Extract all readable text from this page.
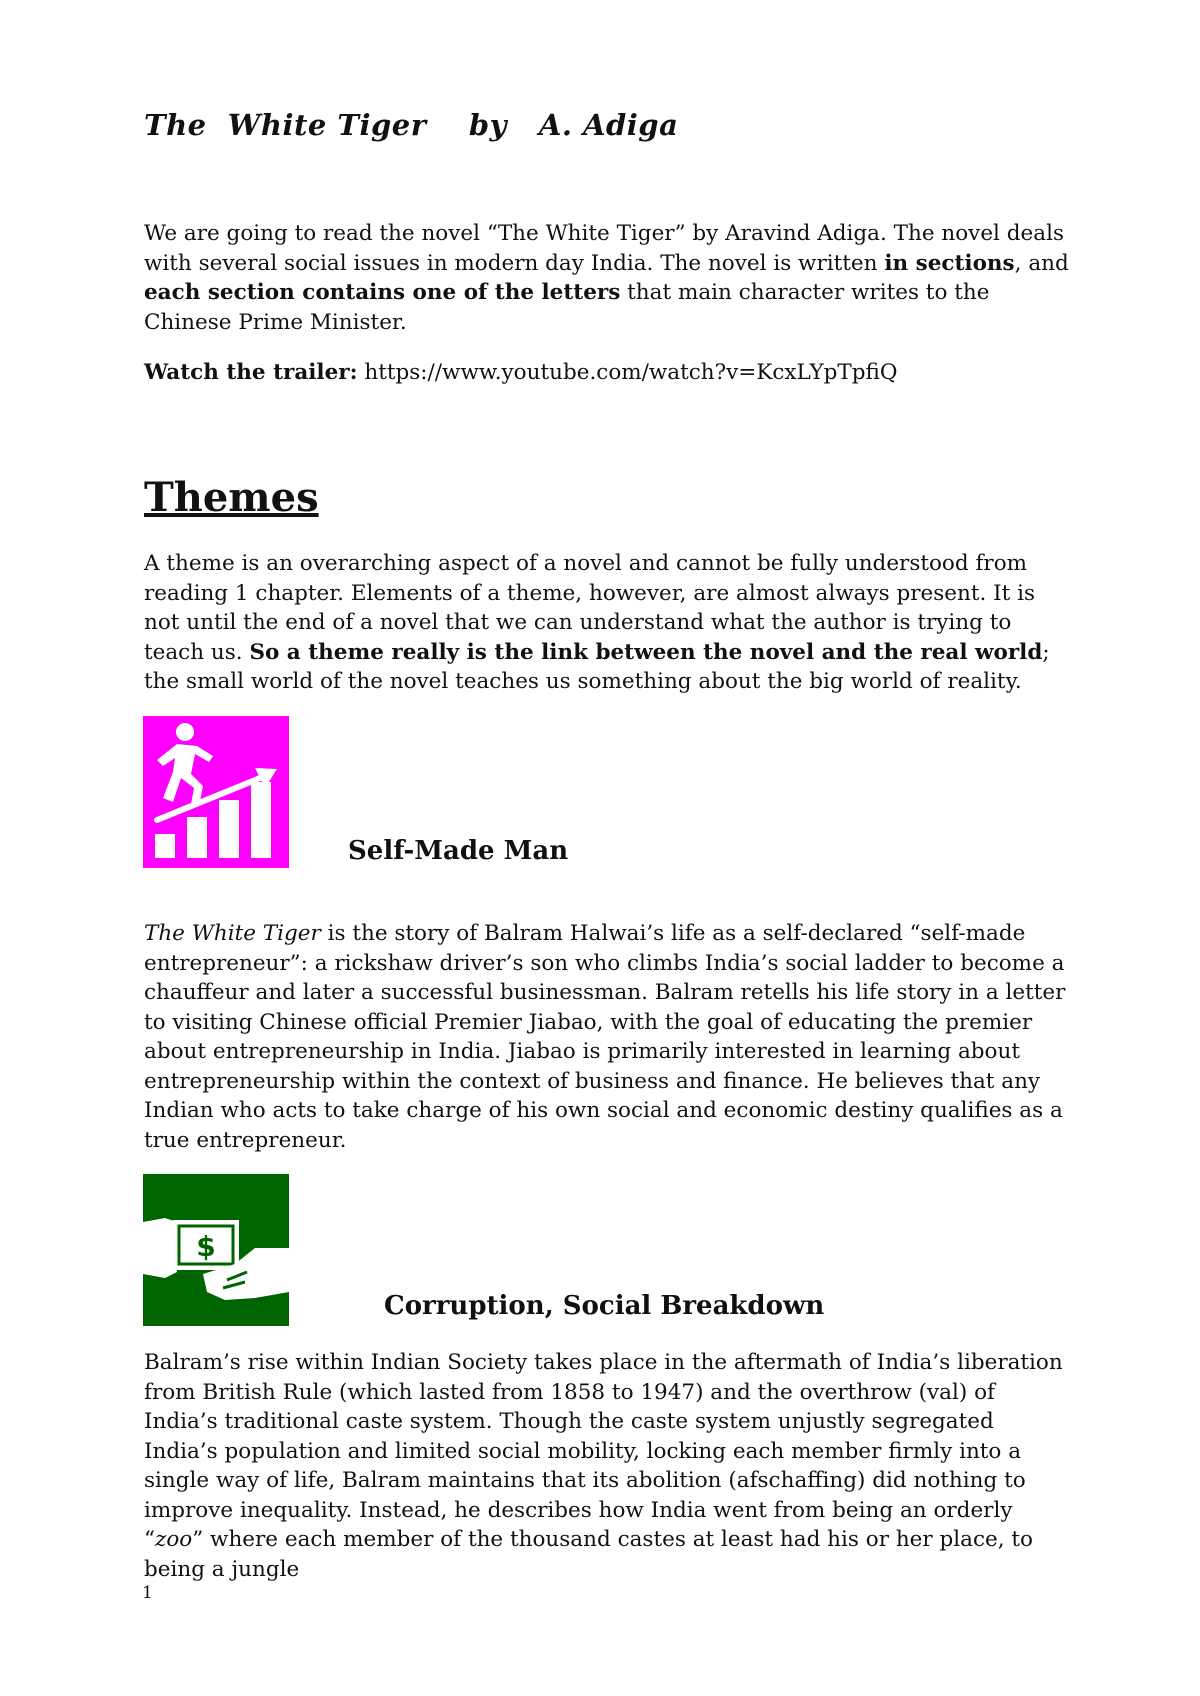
The  White Tiger    by   A. Adiga

We are going to read the novel “The White Tiger” by Aravind Adiga. The novel deals with several social issues in modern day India. The novel is written in sections, and each section contains one of the letters that main character writes to the Chinese Prime Minister.

Watch the trailer: https://www.youtube.com/watch?v=KcxLYpTpfiQ

Themes

A theme is an overarching aspect of a novel and cannot be fully understood from reading 1 chapter. Elements of a theme, however, are almost always present. It is not until the end of a novel that we can understand what the author is trying to teach us. So a theme really is the link between the novel and the real world; the small world of the novel teaches us something about the big world of reality.

Self-Made Man

The White Tiger is the story of Balram Halwai’s life as a self-declared “self-made entrepreneur”: a rickshaw driver’s son who climbs India’s social ladder to become a chauffeur and later a successful businessman. Balram retells his life story in a letter to visiting Chinese official Premier Jiabao, with the goal of educating the premier about entrepreneurship in India. Jiabao is primarily interested in learning about entrepreneurship within the context of business and finance. He believes that any Indian who acts to take charge of his own social and economic destiny qualifies as a true entrepreneur.

$
Corruption, Social Breakdown

Balram’s rise within Indian Society takes place in the aftermath of India’s liberation from British Rule (which lasted from 1858 to 1947) and the overthrow (val) of India’s traditional caste system. Though the caste system unjustly segregated India’s population and limited social mobility, locking each member firmly into a single way of life, Balram maintains that its abolition (afschaffing) did nothing to improve inequality. Instead, he describes how India went from being an orderly “zoo” where each member of the thousand castes at least had his or her place, to being a jungle

1
